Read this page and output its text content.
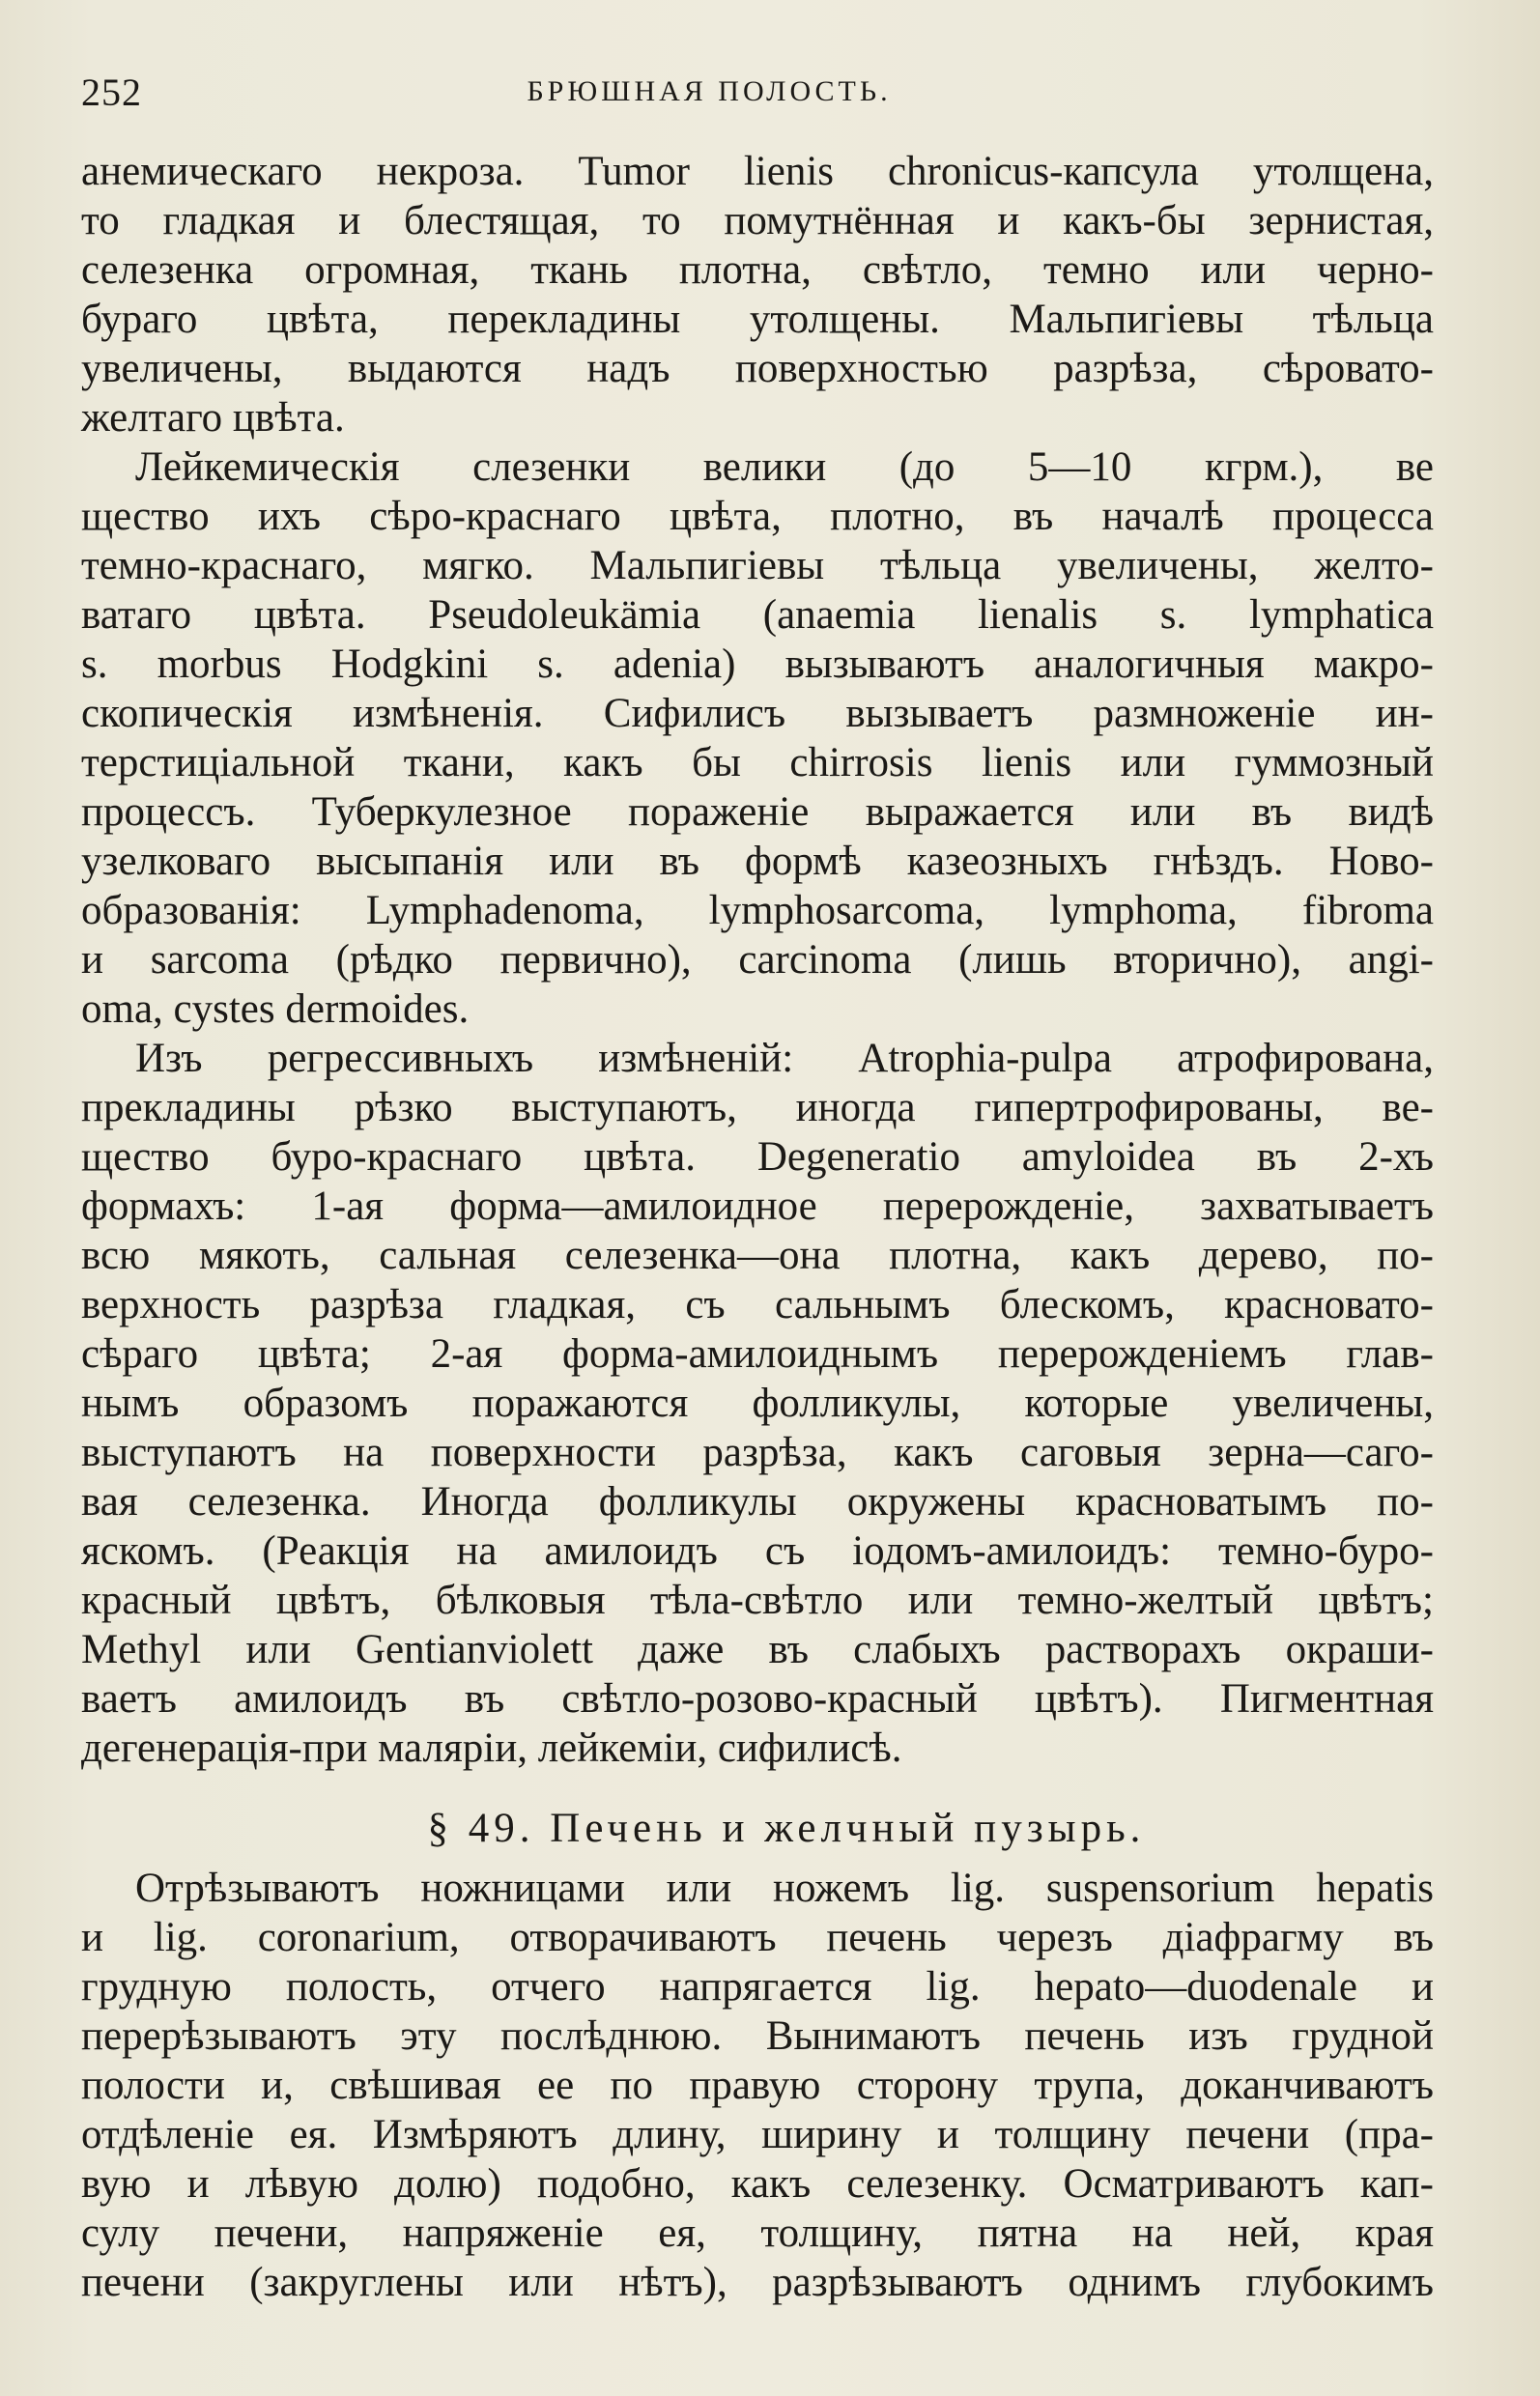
252	БРЮШНАЯ ПОЛОСТЬ.
анемическаго некроза. Tumor lienis chronicus-капсула утолщена,
то гладкая и блестящая, то помутнённая и какъ-бы зернистая,
селезенка огромная, ткань плотна, свѣтло, темно или черно-
бураго цвѣта, перекладины утолщены. Мальпигіевы тѣльца
увеличены, выдаются надъ поверхностью разрѣза, сѣровато-
желтаго цвѣта.
Лейкемическія слезенки велики (до 5—10 кгрм.), ве
щество ихъ сѣро-краснаго цвѣта, плотно, въ началѣ процесса
темно-краснаго, мягко. Мальпигіевы тѣльца увеличены, желто-
ватаго цвѣта. Pseudoleukämia (anaemia lienalis s. lymphatica
s. morbus Hodgkini s. adenia) вызываютъ аналогичныя макро-
скопическія измѣненія. Сифилисъ вызываетъ размноженіе ин-
терстиціальной ткани, какъ бы chirrosis lienis или гуммозный
процессъ. Туберкулезное пораженіе выражается или въ видѣ
узелковаго высыпанія или въ формѣ казеозныхъ гнѣздъ. Ново-
образованія: Lymphadenoma, lymphosarcoma, lymphoma, fibroma
и sarcoma (рѣдко первично), carcinoma (лишь вторично), angi-
oma, cystes dermoides.
Изъ регрессивныхъ измѣненій: Atrophia-pulpa атрофирована,
прекладины рѣзко выступаютъ, иногда гипертрофированы, ве-
щество буро-краснаго цвѣта. Degeneratio amyloidea въ 2-хъ
формахъ: 1-ая форма—амилоидное перерожденіе, захватываетъ
всю мякоть, сальная селезенка—она плотна, какъ дерево, по-
верхность разрѣза гладкая, съ сальнымъ блескомъ, красновато-
сѣраго цвѣта; 2-ая форма-амилоиднымъ перерожденіемъ глав-
нымъ образомъ поражаются фолликулы, которые увеличены,
выступаютъ на поверхности разрѣза, какъ саговыя зерна—саго-
вая селезенка. Иногда фолликулы окружены красноватымъ по-
яскомъ. (Реакція на амилоидъ съ іодомъ-амилоидъ: темно-буро-
красный цвѣтъ, бѣлковыя тѣла-свѣтло или темно-желтый цвѣтъ;
Methyl или Gentianviolett даже въ слабыхъ растворахъ окраши-
ваетъ амилоидъ въ свѣтло-розово-красный цвѣтъ). Пигментная
дегенерація-при маляріи, лейкеміи, сифилисѣ.
§ 49. Печень и желчный пузырь.
Отрѣзываютъ ножницами или ножемъ lig. suspensorium hepatis
и lig. coronarium, отворачиваютъ печень черезъ діафрагму въ
грудную полость, отчего напрягается lig. hepato—duodenale и
перерѣзываютъ эту послѣднюю. Вынимаютъ печень изъ грудной
полости и, свѣшивая ее по правую сторону трупа, доканчиваютъ
отдѣленіе ея. Измѣряютъ длину, ширину и толщину печени (пра-
вую и лѣвую долю) подобно, какъ селезенку. Осматриваютъ кап-
сулу печени, напряженіе ея, толщину, пятна на ней, края
печени (закруглены или нѣтъ), разрѣзываютъ однимъ глубокимъ
